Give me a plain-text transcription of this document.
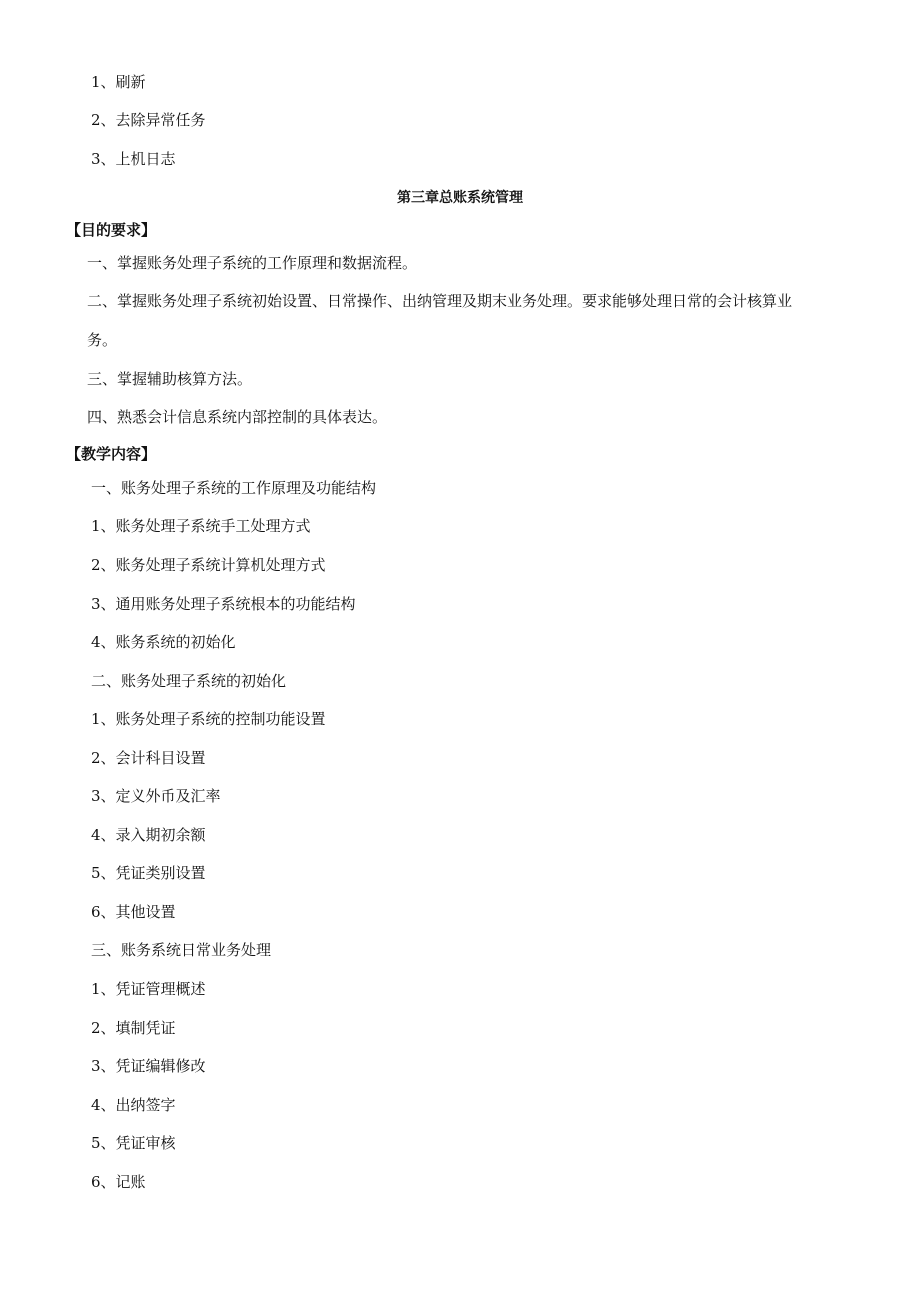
1、刷新
2、去除异常任务
3、上机日志
第三章总账系统管理
【目的要求】
一、掌握账务处理子系统的工作原理和数据流程。
二、掌握账务处理子系统初始设置、日常操作、出纳管理及期末业务处理。要求能够处理日常的会计核算业
务。
三、掌握辅助核算方法。
四、熟悉会计信息系统内部控制的具体表达。
【教学内容】
一、账务处理子系统的工作原理及功能结构
1、账务处理子系统手工处理方式
2、账务处理子系统计算机处理方式
3、通用账务处理子系统根本的功能结构
4、账务系统的初始化
二、账务处理子系统的初始化
1、账务处理子系统的控制功能设置
2、会计科目设置
3、定义外币及汇率
4、录入期初余额
5、凭证类别设置
6、其他设置
三、账务系统日常业务处理
1、凭证管理概述
2、填制凭证
3、凭证编辑修改
4、出纳签字
5、凭证审核
6、记账
